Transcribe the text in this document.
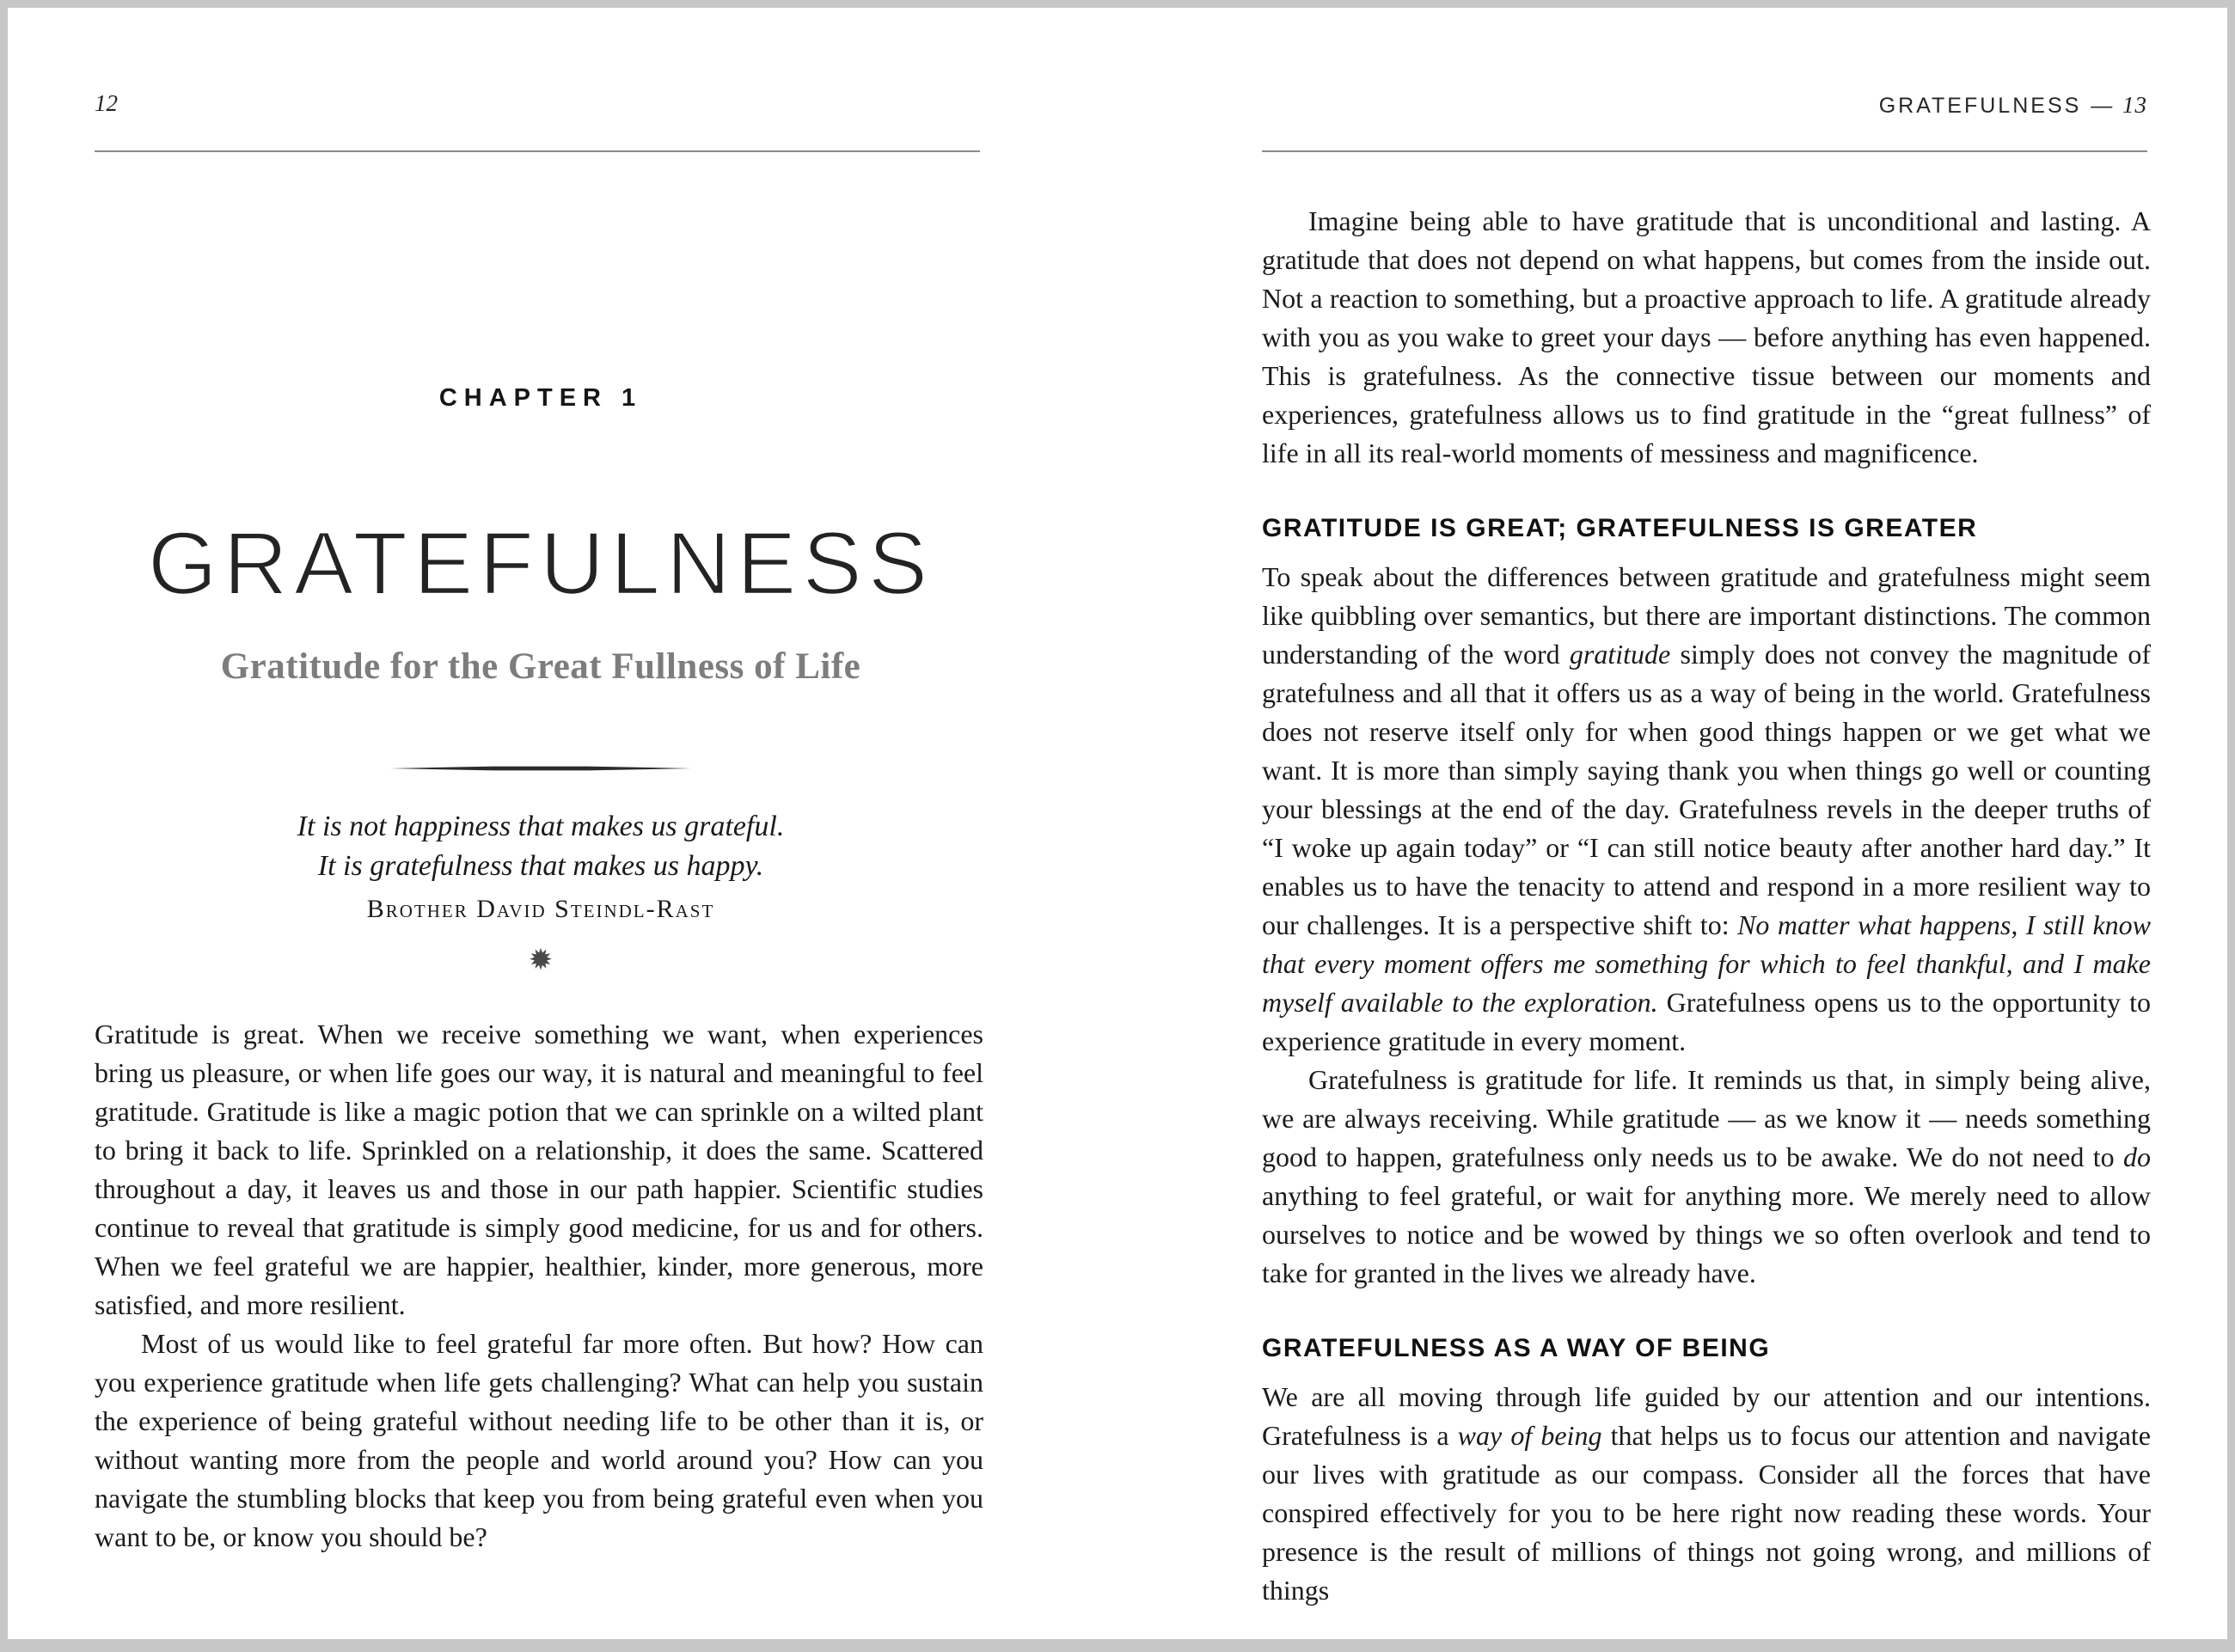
12	GRATEFULNESS — 13
CHAPTER 1
GRATEFULNESS
Gratitude for the Great Fullness of Life
It is not happiness that makes us grateful.
It is gratefulness that makes us happy.
Brother David Steindl-Rast
✹

Gratitude is great. When we receive something we want, when experiences bring us pleasure, or when life goes our way, it is natural and meaningful to feel gratitude. Gratitude is like a magic potion that we can sprinkle on a wilted plant to bring it back to life. Sprinkled on a relationship, it does the same. Scattered throughout a day, it leaves us and those in our path happier. Scientific studies continue to reveal that gratitude is simply good medicine, for us and for others. When we feel grateful we are happier, healthier, kinder, more generous, more satisfied, and more resilient.

Most of us would like to feel grateful far more often. But how? How can you experience gratitude when life gets challenging? What can help you sustain the experience of being grateful without needing life to be other than it is, or without wanting more from the people and world around you? How can you navigate the stumbling blocks that keep you from being grateful even when you want to be, or know you should be?

Imagine being able to have gratitude that is unconditional and lasting. A gratitude that does not depend on what happens, but comes from the inside out. Not a reaction to something, but a proactive approach to life. A gratitude already with you as you wake to greet your days — before anything has even happened. This is gratefulness. As the connective tissue between our moments and experiences, gratefulness allows us to find gratitude in the “great fullness” of life in all its real-world moments of messiness and magnificence.

GRATITUDE IS GREAT; GRATEFULNESS IS GREATER

To speak about the differences between gratitude and gratefulness might seem like quibbling over semantics, but there are important distinctions. The common understanding of the word gratitude simply does not convey the magnitude of gratefulness and all that it offers us as a way of being in the world. Gratefulness does not reserve itself only for when good things happen or we get what we want. It is more than simply saying thank you when things go well or counting your blessings at the end of the day. Gratefulness revels in the deeper truths of “I woke up again today” or “I can still notice beauty after another hard day.” It enables us to have the tenacity to attend and respond in a more resilient way to our challenges. It is a perspective shift to: No matter what happens, I still know that every moment offers me something for which to feel thankful, and I make myself available to the exploration. Gratefulness opens us to the opportunity to experience gratitude in every moment.

Gratefulness is gratitude for life. It reminds us that, in simply being alive, we are always receiving. While gratitude — as we know it — needs something good to happen, gratefulness only needs us to be awake. We do not need to do anything to feel grateful, or wait for anything more. We merely need to allow ourselves to notice and be wowed by things we so often overlook and tend to take for granted in the lives we already have.

GRATEFULNESS AS A WAY OF BEING

We are all moving through life guided by our attention and our intentions. Gratefulness is a way of being that helps us to focus our attention and navigate our lives with gratitude as our compass. Consider all the forces that have conspired effectively for you to be here right now reading these words. Your presence is the result of millions of things not going wrong, and millions of things
